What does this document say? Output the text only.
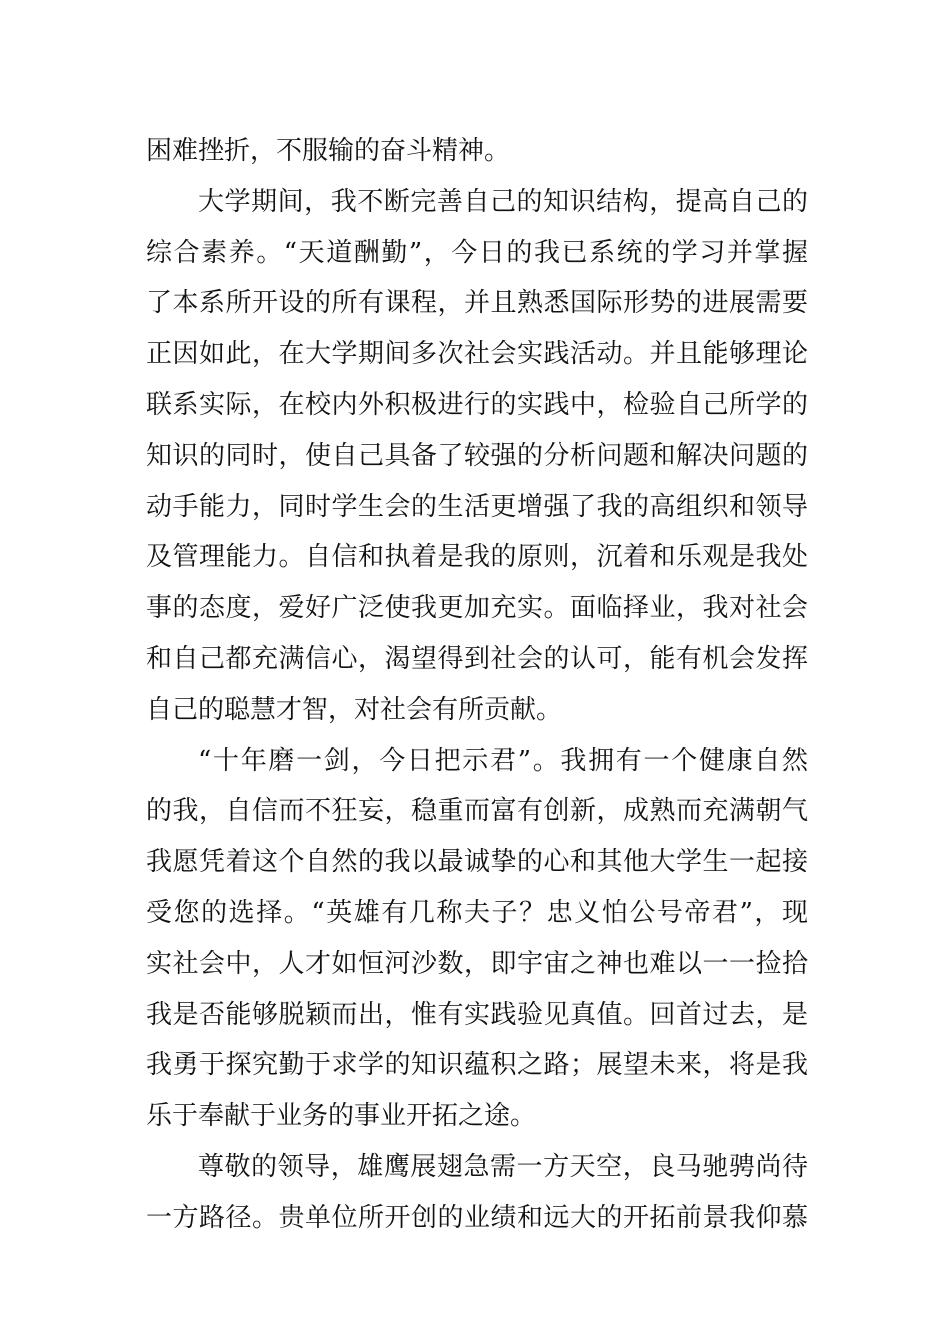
困难挫折，不服输的奋斗精神。
大学期间，我不断完善自己的知识结构，提高自己的
综合素养。“天道酬勤”，今日的我已系统的学习并掌握
了本系所开设的所有课程，并且熟悉国际形势的进展需要
正因如此，在大学期间多次社会实践活动。并且能够理论
联系实际，在校内外积极进行的实践中，检验自己所学的
知识的同时，使自己具备了较强的分析问题和解决问题的
动手能力，同时学生会的生活更增强了我的高组织和领导
及管理能力。自信和执着是我的原则，沉着和乐观是我处
事的态度，爱好广泛使我更加充实。面临择业，我对社会
和自己都充满信心，渴望得到社会的认可，能有机会发挥
自己的聪慧才智，对社会有所贡献。
“十年磨一剑，今日把示君”。我拥有一个健康自然
的我，自信而不狂妄，稳重而富有创新，成熟而充满朝气
我愿凭着这个自然的我以最诚挚的心和其他大学生一起接
受您的选择。“英雄有几称夫子？忠义怕公号帝君”，现
实社会中，人才如恒河沙数，即宇宙之神也难以一一捡拾
我是否能够脱颖而出，惟有实践验见真值。回首过去，是
我勇于探究勤于求学的知识蕴积之路；展望未来，将是我
乐于奉献于业务的事业开拓之途。
尊敬的领导，雄鹰展翅急需一方天空，良马驰骋尚待
一方路径。贵单位所开创的业绩和远大的开拓前景我仰慕
